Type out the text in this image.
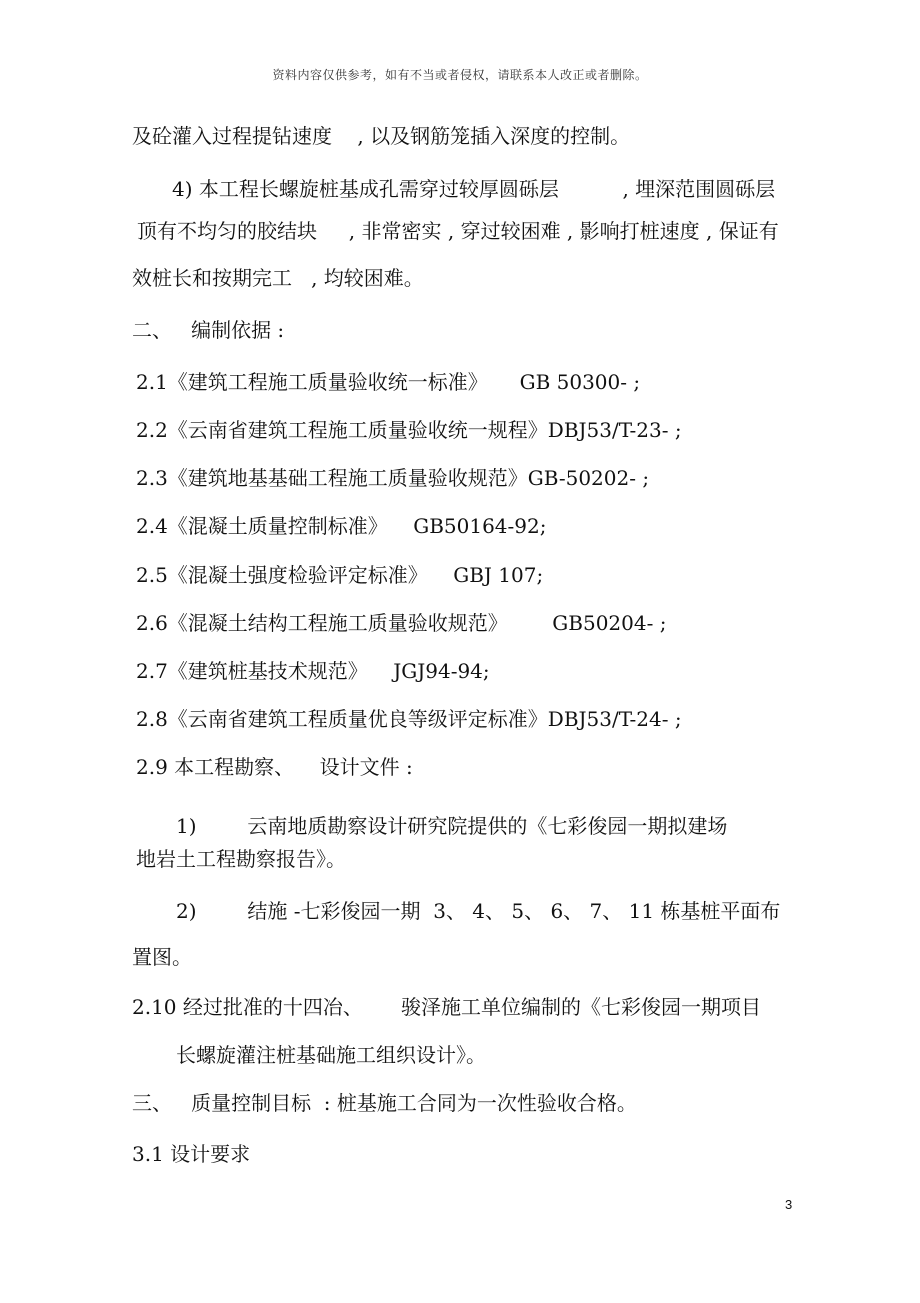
资料内容仅供参考，如有不当或者侵权，请联系本人改正或者删除。
及砼灌入过程提钻速度    , 以及钢筋笼插入深度的控制。
4) 本工程长螺旋桩基成孔需穿过较厚圆砾层          , 埋深范围圆砾层
顶有不均匀的胶结块     , 非常密实 , 穿过较困难 , 影响打桩速度 , 保证有
效桩长和按期完工   , 均较困难。
二、   编制依据 :
2.1《建筑工程施工质量验收统一标准》     GB 50300- ;
2.2《云南省建筑工程施工质量验收统一规程》DBJ53/T-23- ;
2.3《建筑地基基础工程施工质量验收规范》GB-50202- ;
2.4《混凝土质量控制标准》    GB50164-92;
2.5《混凝土强度检验评定标准》    GBJ 107;
2.6《混凝土结构工程施工质量验收规范》       GB50204- ;
2.7《建筑桩基技术规范》    JGJ94-94;
2.8《云南省建筑工程质量优良等级评定标准》DBJ53/T-24- ;
2.9 本工程勘察、    设计文件 :
1)        云南地质勘察设计研究院提供的《七彩俊园一期拟建场
地岩土工程勘察报告》。
2)        结施 -七彩俊园一期  3、 4、 5、 6、 7、 11 栋基桩平面布
置图。
2.10 经过批准的十四冶、      骏泽施工单位编制的《七彩俊园一期项目
长螺旋灌注桩基础施工组织设计》。
三、   质量控制目标  : 桩基施工合同为一次性验收合格。
3.1 设计要求
3
